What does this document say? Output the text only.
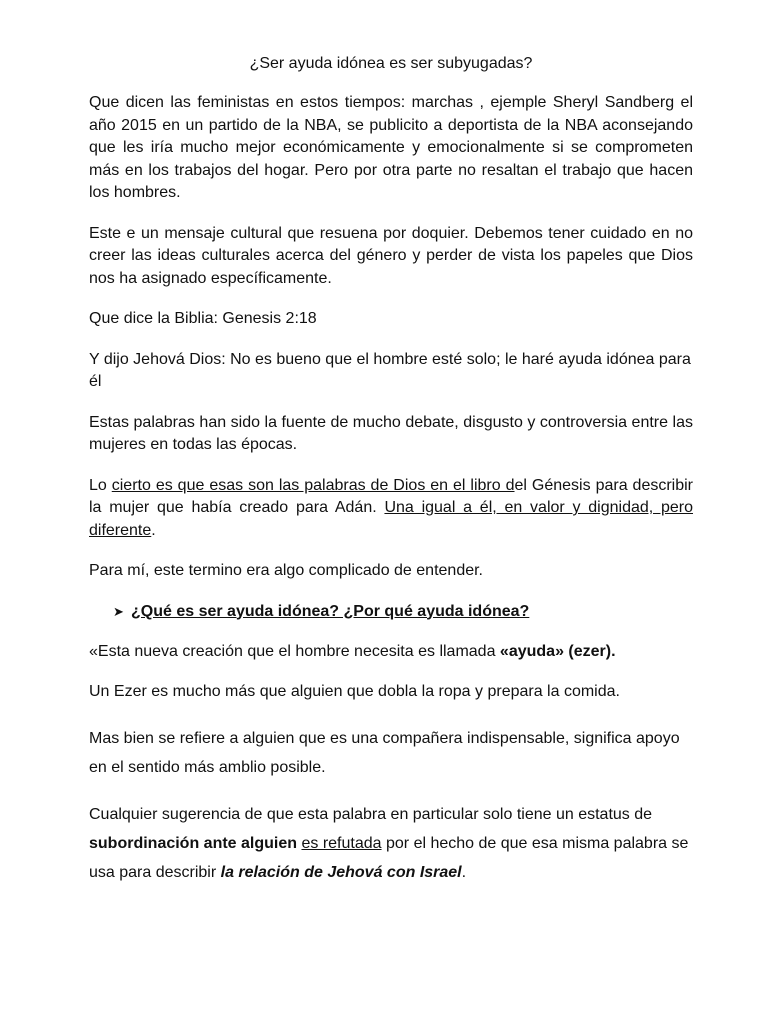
¿Ser ayuda idónea es ser subyugadas?

Que dicen las feministas en estos tiempos: marchas , ejemple Sheryl Sandberg el año 2015 en un partido de la NBA, se publicito a deportista de la NBA aconsejando que les iría mucho mejor económicamente y emocionalmente si se comprometen más en los trabajos del hogar. Pero por otra parte no resaltan el trabajo que hacen los hombres.

Este e un mensaje cultural que resuena por doquier. Debemos tener cuidado en no creer las ideas culturales acerca del género y perder de vista los papeles que Dios nos ha asignado específicamente.

Que dice la Biblia: Genesis 2:18

Y dijo Jehová Dios: No es bueno que el hombre esté solo; le haré ayuda idónea para él

Estas palabras han sido la fuente de mucho debate, disgusto y controversia entre las mujeres en todas las épocas.

Lo cierto es que esas son las palabras de Dios en el libro del Génesis para describir la mujer que había creado para Adán. Una igual a él, en valor y dignidad, pero diferente.

Para mí, este termino era algo complicado de entender.

➤ ¿Qué es ser ayuda idónea? ¿Por qué ayuda idónea?

«Esta nueva creación que el hombre necesita es llamada «ayuda» (ezer).

Un Ezer es mucho más que alguien que dobla la ropa y prepara la comida.

Mas bien se refiere a alguien que es una compañera indispensable, significa apoyo en el sentido más amblio posible.

Cualquier sugerencia de que esta palabra en particular solo tiene un estatus de subordinación ante alguien es refutada por el hecho de que esa misma palabra se usa para describir la relación de Jehová con Israel.
